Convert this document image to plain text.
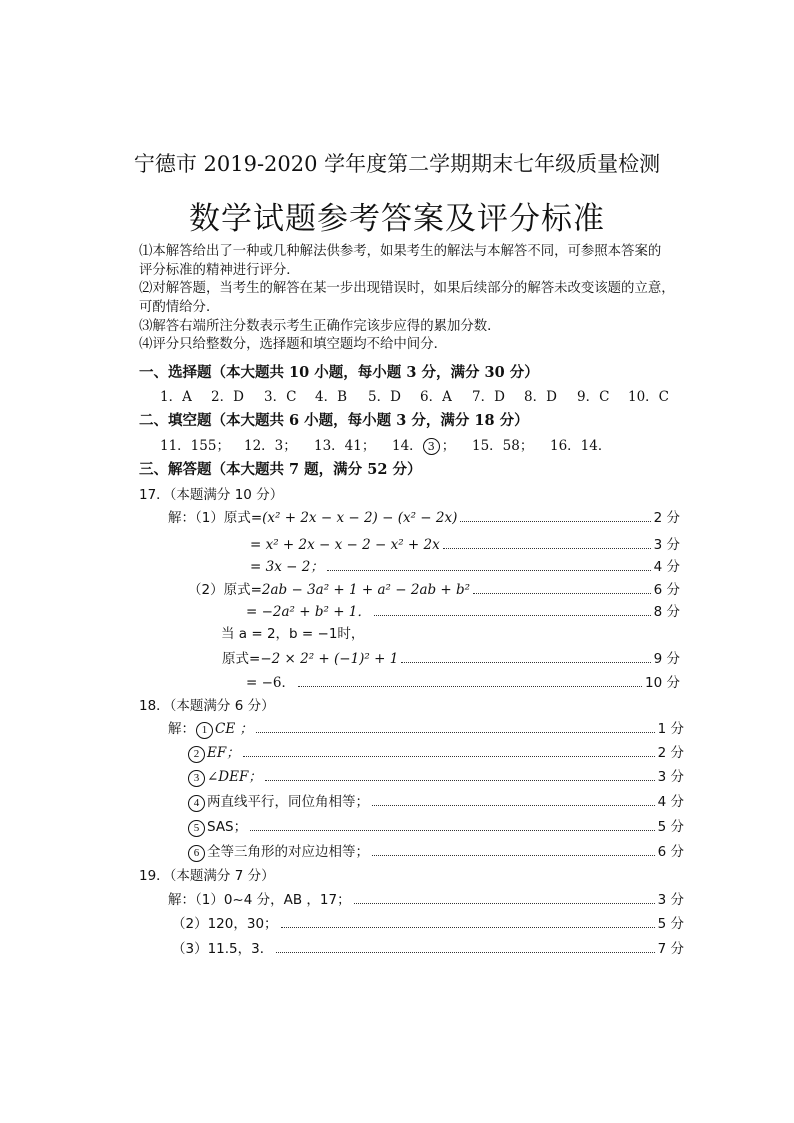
宁德市 2019-2020 学年度第二学期期末七年级质量检测
数学试题参考答案及评分标准
⑴本解答给出了一种或几种解法供参考，如果考生的解法与本解答不同，可参照本答案的
评分标准的精神进行评分．
⑵对解答题，当考生的解答在某一步出现错误时，如果后续部分的解答未改变该题的立意，
可酌情给分．
⑶解答右端所注分数表示考生正确作完该步应得的累加分数．
⑷评分只给整数分，选择题和填空题均不给中间分．
一、选择题（本大题共 10 小题，每小题 3 分，满分 30 分）
1．A 2．D 3．C 4．B 5．D 6．A 7．D 8．D 9．C 10．C
二、填空题（本大题共 6 小题，每小题 3 分，满分 18 分）
11．155； 12．3； 13．41； 14． 3 ； 15．58； 16．14．
三、解答题（本大题共 7 题，满分 52 分）
17．（本题满分 10 分）
解：（1）原式= (x² + 2x − x − 2) − (x² − 2x)	2 分
= x² + 2x − x − 2 − x² + 2x	3 分
= 3x − 2；	4 分
（2）原式= 2ab − 3a² + 1 + a² − 2ab + b²	6 分
= −2a² + b² + 1．	8 分
当 a = 2，b = −1时，
原式= −2 × 2² + (−1)² + 1	9 分
= −6．	10 分
18．（本题满分 6 分）
解： 1 CE ；	1 分
2 EF；	2 分
3 ∠DEF；	3 分
4 两直线平行，同位角相等；	4 分
5 SAS；	5 分
6 全等三角形的对应边相等；	6 分
19．（本题满分 7 分）
解：（1）0~4 分，AB ，17；	3 分
（2）120，30；	5 分
（3）11.5，3．	7 分
